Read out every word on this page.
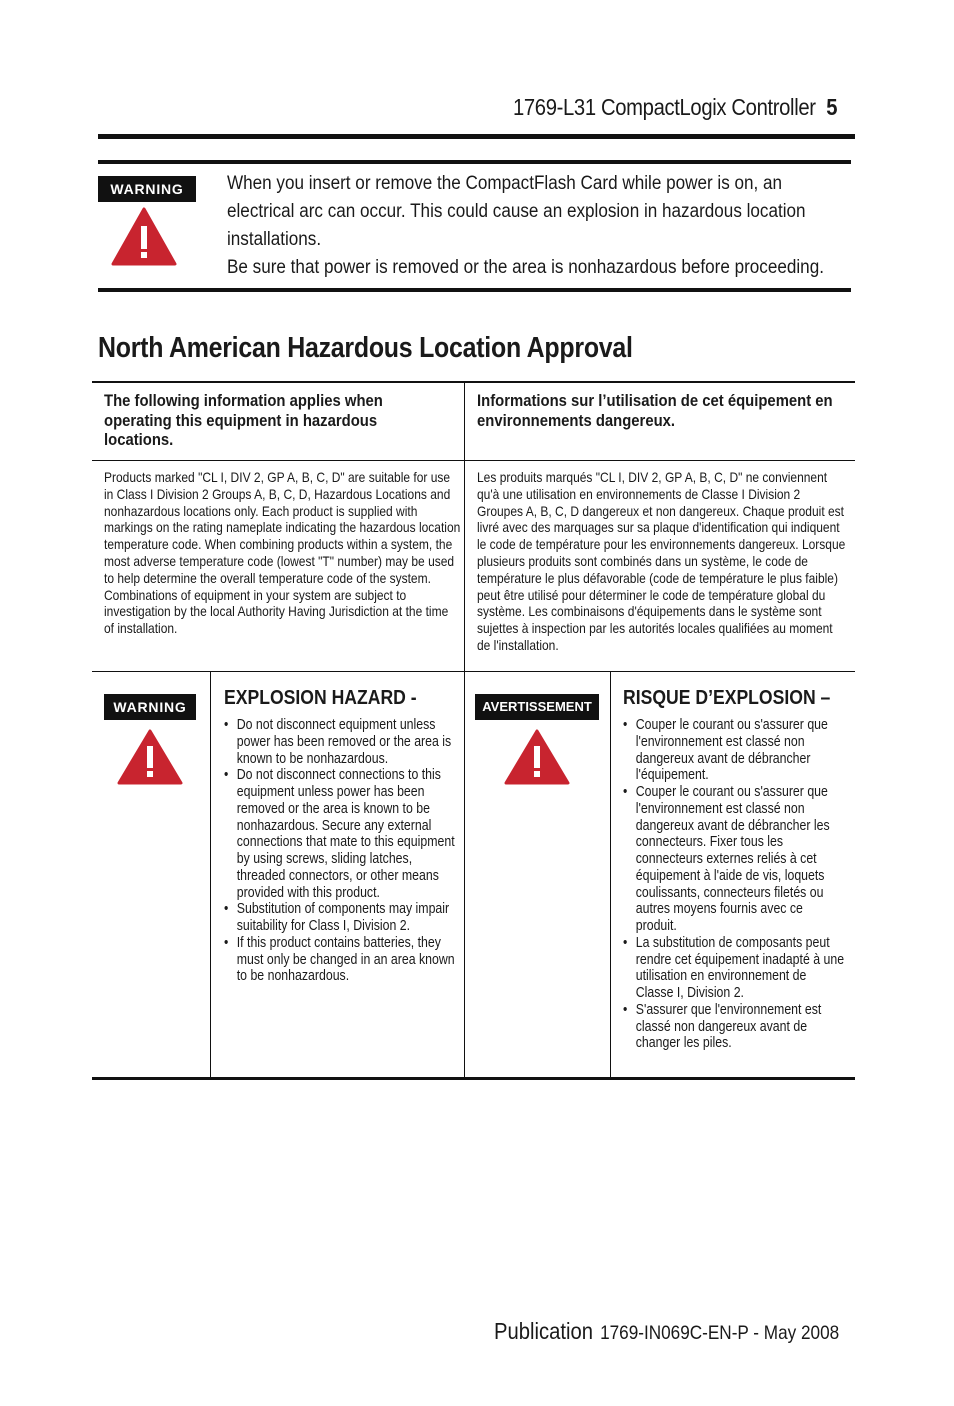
1769-L31 CompactLogix Controller 5
WARNING	When you insert or remove the CompactFlash Card while power is on, an
electrical arc can occur. This could cause an explosion in hazardous location
installations.
Be sure that power is removed or the area is nonhazardous before proceeding.
North American Hazardous Location Approval
The following information applies when operating this equipment in hazardous locations.
Informations sur l’utilisation de cet équipement en environnements dangereux.
Products marked "CL I, DIV 2, GP A, B, C, D" are suitable for use in Class I Division 2 Groups A, B, C, D, Hazardous Locations and nonhazardous locations only. Each product is supplied with markings on the rating nameplate indicating the hazardous location temperature code. When combining products within a system, the most adverse temperature code (lowest "T" number) may be used to help determine the overall temperature code of the system. Combinations of equipment in your system are subject to investigation by the local Authority Having Jurisdiction at the time of installation.
Les produits marqués "CL I, DIV 2, GP A, B, C, D" ne conviennent qu'à une utilisation en environnements de Classe I Division 2 Groupes A, B, C, D dangereux et non dangereux. Chaque produit est livré avec des marquages sur sa plaque d'identification qui indiquent le code de température pour les environnements dangereux. Lorsque plusieurs produits sont combinés dans un système, le code de température le plus défavorable (code de température le plus faible) peut être utilisé pour déterminer le code de température global du système. Les combinaisons d'équipements dans le système sont sujettes à inspection par les autorités locales qualifiées au moment de l'installation.
WARNING	EXPLOSION HAZARD -
• Do not disconnect equipment unless power has been removed or the area is known to be nonhazardous.
• Do not disconnect connections to this equipment unless power has been removed or the area is known to be nonhazardous. Secure any external connections that mate to this equipment by using screws, sliding latches, threaded connectors, or other means provided with this product.
• Substitution of components may impair suitability for Class I, Division 2.
• If this product contains batteries, they must only be changed in an area known to be nonhazardous.
AVERTISSEMENT	RISQUE D’EXPLOSION –
• Couper le courant ou s'assurer que l'environnement est classé non dangereux avant de débrancher l'équipement.
• Couper le courant ou s'assurer que l'environnement est classé non dangereux avant de débrancher les connecteurs. Fixer tous les connecteurs externes reliés à cet équipement à l'aide de vis, loquets coulissants, connecteurs filetés ou autres moyens fournis avec ce produit.
• La substitution de composants peut rendre cet équipement inadapté à une utilisation en environnement de Classe I, Division 2.
• S'assurer que l'environnement est classé non dangereux avant de changer les piles.
Publication 1769-IN069C-EN-P - May 2008
